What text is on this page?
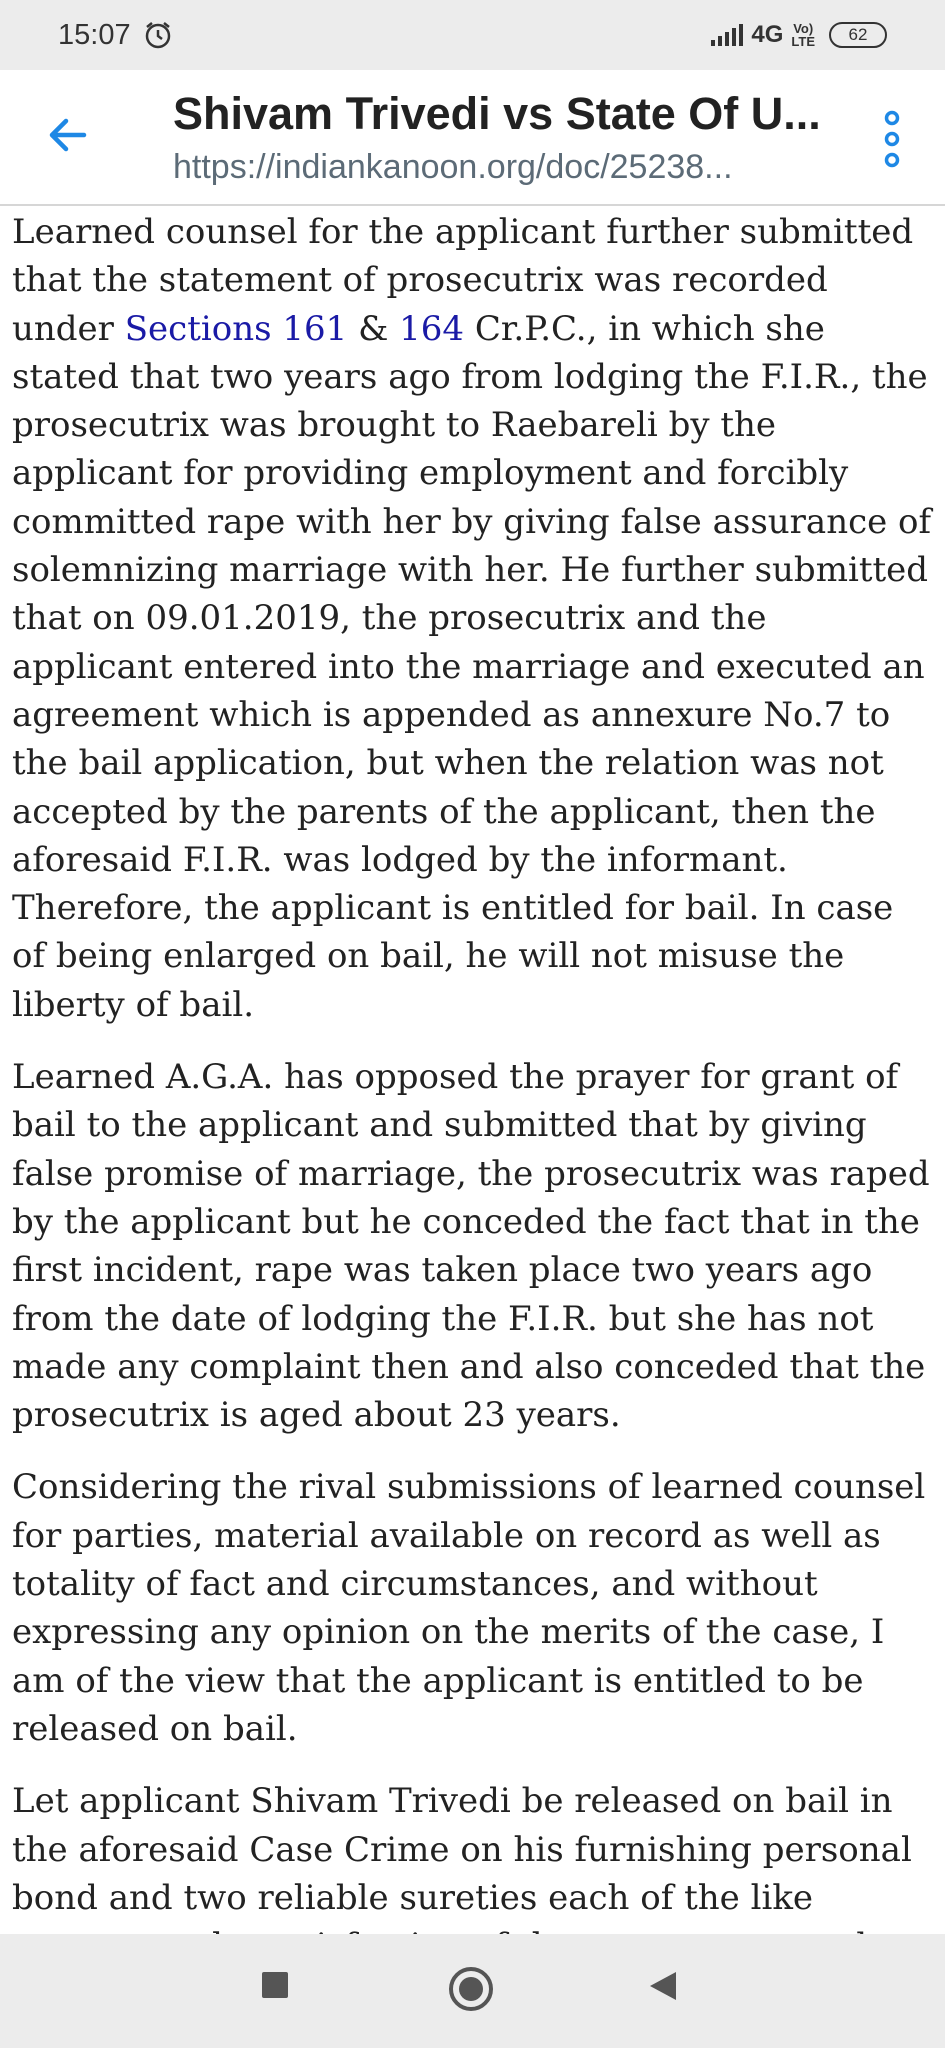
15:07	4G Vo)
LTE 62
Shivam Trivedi vs State Of U...
https://indiankanoon.org/doc/25238...

Learned counsel for the applicant further submitted that the statement of prosecutrix was recorded under Sections 161 & 164 Cr.P.C., in which she stated that two years ago from lodging the F.I.R., the prosecutrix was brought to Raebareli by the applicant for providing employment and forcibly committed rape with her by giving false assurance of solemnizing marriage with her. He further submitted that on 09.01.2019, the prosecutrix and the applicant entered into the marriage and executed an agreement which is appended as annexure No.7 to the bail application, but when the relation was not accepted by the parents of the applicant, then the aforesaid F.I.R. was lodged by the informant. Therefore, the applicant is entitled for bail. In case of being enlarged on bail, he will not misuse the liberty of bail.

Learned A.G.A. has opposed the prayer for grant of bail to the applicant and submitted that by giving false promise of marriage, the prosecutrix was raped by the applicant but he conceded the fact that in the first incident, rape was taken place two years ago from the date of lodging the F.I.R. but she has not made any complaint then and also conceded that the prosecutrix is aged about 23 years.

Considering the rival submissions of learned counsel for parties, material available on record as well as totality of fact and circumstances, and without expressing any opinion on the merits of the case, I am of the view that the applicant is entitled to be released on bail.

Let applicant Shivam Trivedi be released on bail in the aforesaid Case Crime on his furnishing personal bond and two reliable sureties each of the like
